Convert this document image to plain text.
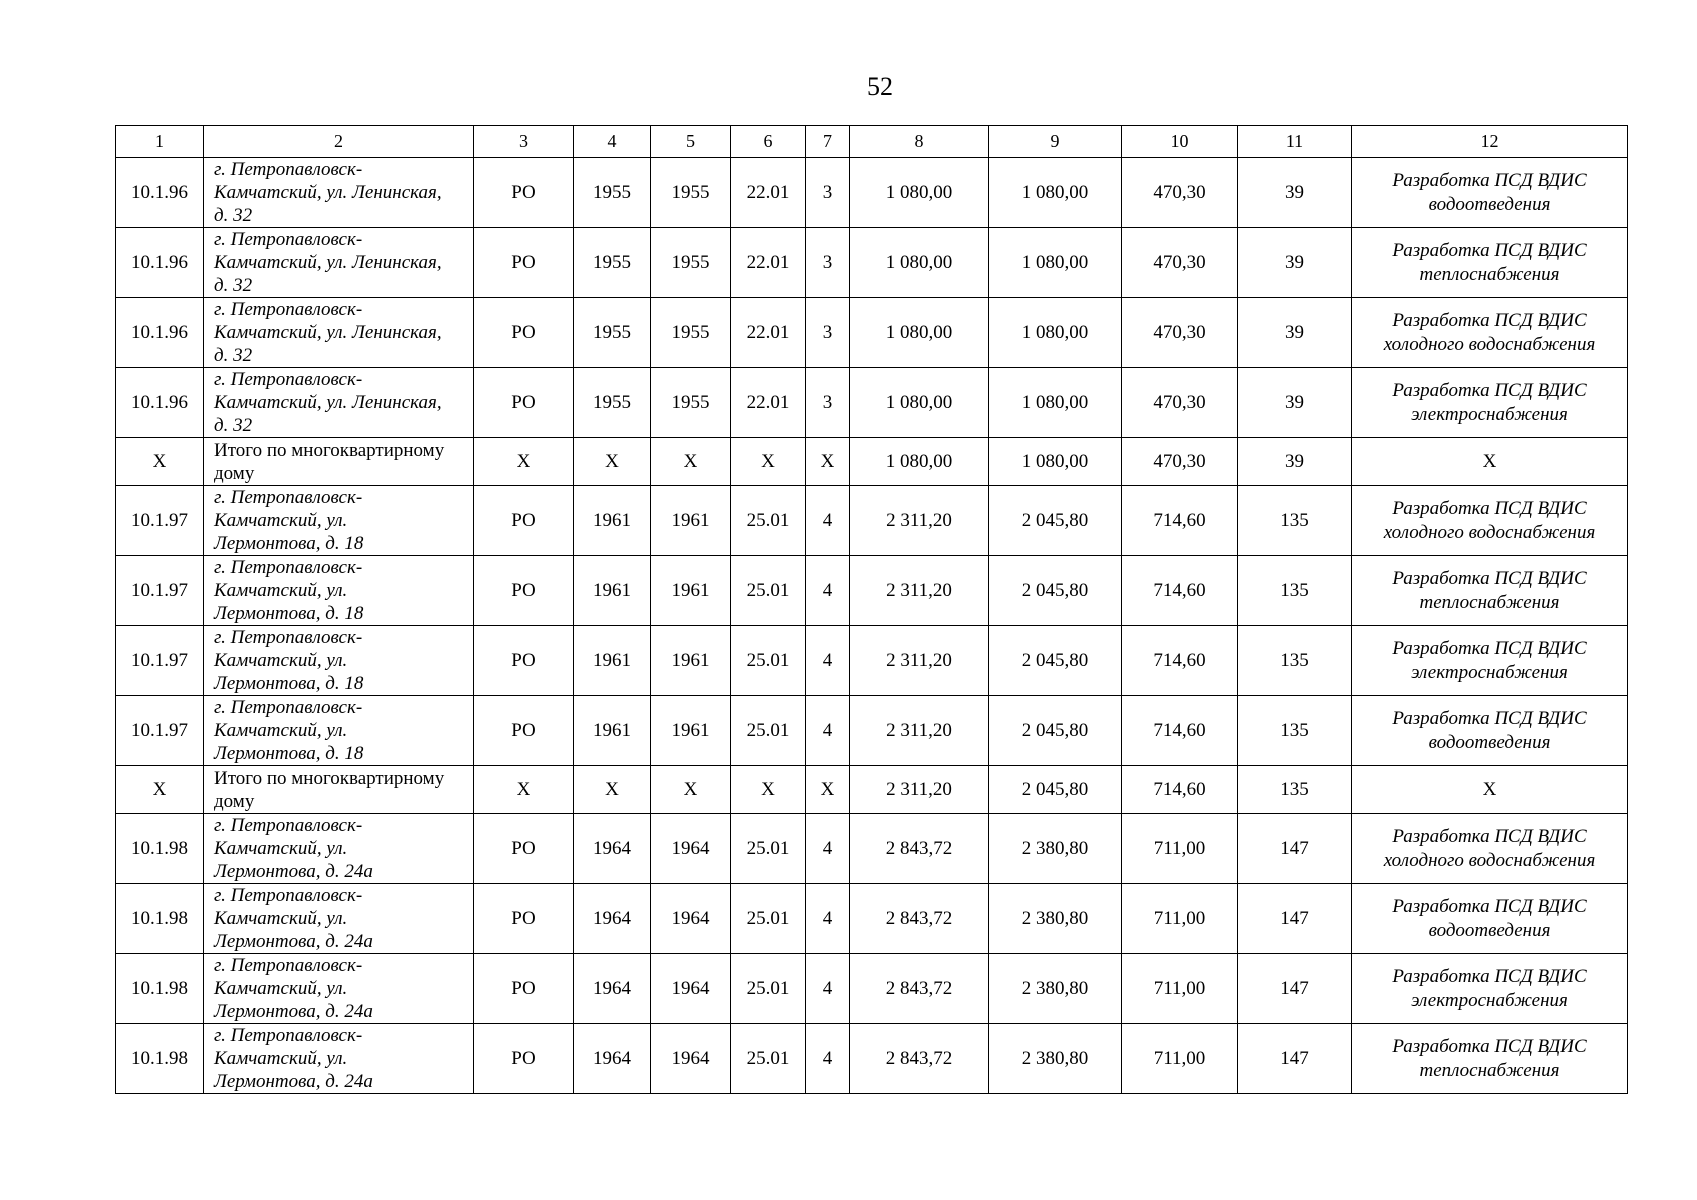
52
1	2	3	4	5	6	7	8	9	10	11	12
10.1.96	г. Петропавловск-
Камчатский, ул. Ленинская,
д. 32	РО	1955	1955	22.01	3	1 080,00	1 080,00	470,30	39	Разработка ПСД ВДИС водоотведения
10.1.96	г. Петропавловск-
Камчатский, ул. Ленинская,
д. 32	РО	1955	1955	22.01	3	1 080,00	1 080,00	470,30	39	Разработка ПСД ВДИС теплоснабжения
10.1.96	г. Петропавловск-
Камчатский, ул. Ленинская,
д. 32	РО	1955	1955	22.01	3	1 080,00	1 080,00	470,30	39	Разработка ПСД ВДИС холодного водоснабжения
10.1.96	г. Петропавловск-
Камчатский, ул. Ленинская,
д. 32	РО	1955	1955	22.01	3	1 080,00	1 080,00	470,30	39	Разработка ПСД ВДИС электроснабжения
Х	Итого по многоквартирному дому	Х	Х	Х	Х	Х	1 080,00	1 080,00	470,30	39	Х
10.1.97	г. Петропавловск-
Камчатский, ул.
Лермонтова, д. 18	РО	1961	1961	25.01	4	2 311,20	2 045,80	714,60	135	Разработка ПСД ВДИС холодного водоснабжения
10.1.97	г. Петропавловск-
Камчатский, ул.
Лермонтова, д. 18	РО	1961	1961	25.01	4	2 311,20	2 045,80	714,60	135	Разработка ПСД ВДИС теплоснабжения
10.1.97	г. Петропавловск-
Камчатский, ул.
Лермонтова, д. 18	РО	1961	1961	25.01	4	2 311,20	2 045,80	714,60	135	Разработка ПСД ВДИС электроснабжения
10.1.97	г. Петропавловск-
Камчатский, ул.
Лермонтова, д. 18	РО	1961	1961	25.01	4	2 311,20	2 045,80	714,60	135	Разработка ПСД ВДИС водоотведения
Х	Итого по многоквартирному дому	Х	Х	Х	Х	Х	2 311,20	2 045,80	714,60	135	Х
10.1.98	г. Петропавловск-
Камчатский, ул.
Лермонтова, д. 24а	РО	1964	1964	25.01	4	2 843,72	2 380,80	711,00	147	Разработка ПСД ВДИС холодного водоснабжения
10.1.98	г. Петропавловск-
Камчатский, ул.
Лермонтова, д. 24а	РО	1964	1964	25.01	4	2 843,72	2 380,80	711,00	147	Разработка ПСД ВДИС водоотведения
10.1.98	г. Петропавловск-
Камчатский, ул.
Лермонтова, д. 24а	РО	1964	1964	25.01	4	2 843,72	2 380,80	711,00	147	Разработка ПСД ВДИС электроснабжения
10.1.98	г. Петропавловск-
Камчатский, ул.
Лермонтова, д. 24а	РО	1964	1964	25.01	4	2 843,72	2 380,80	711,00	147	Разработка ПСД ВДИС теплоснабжения
